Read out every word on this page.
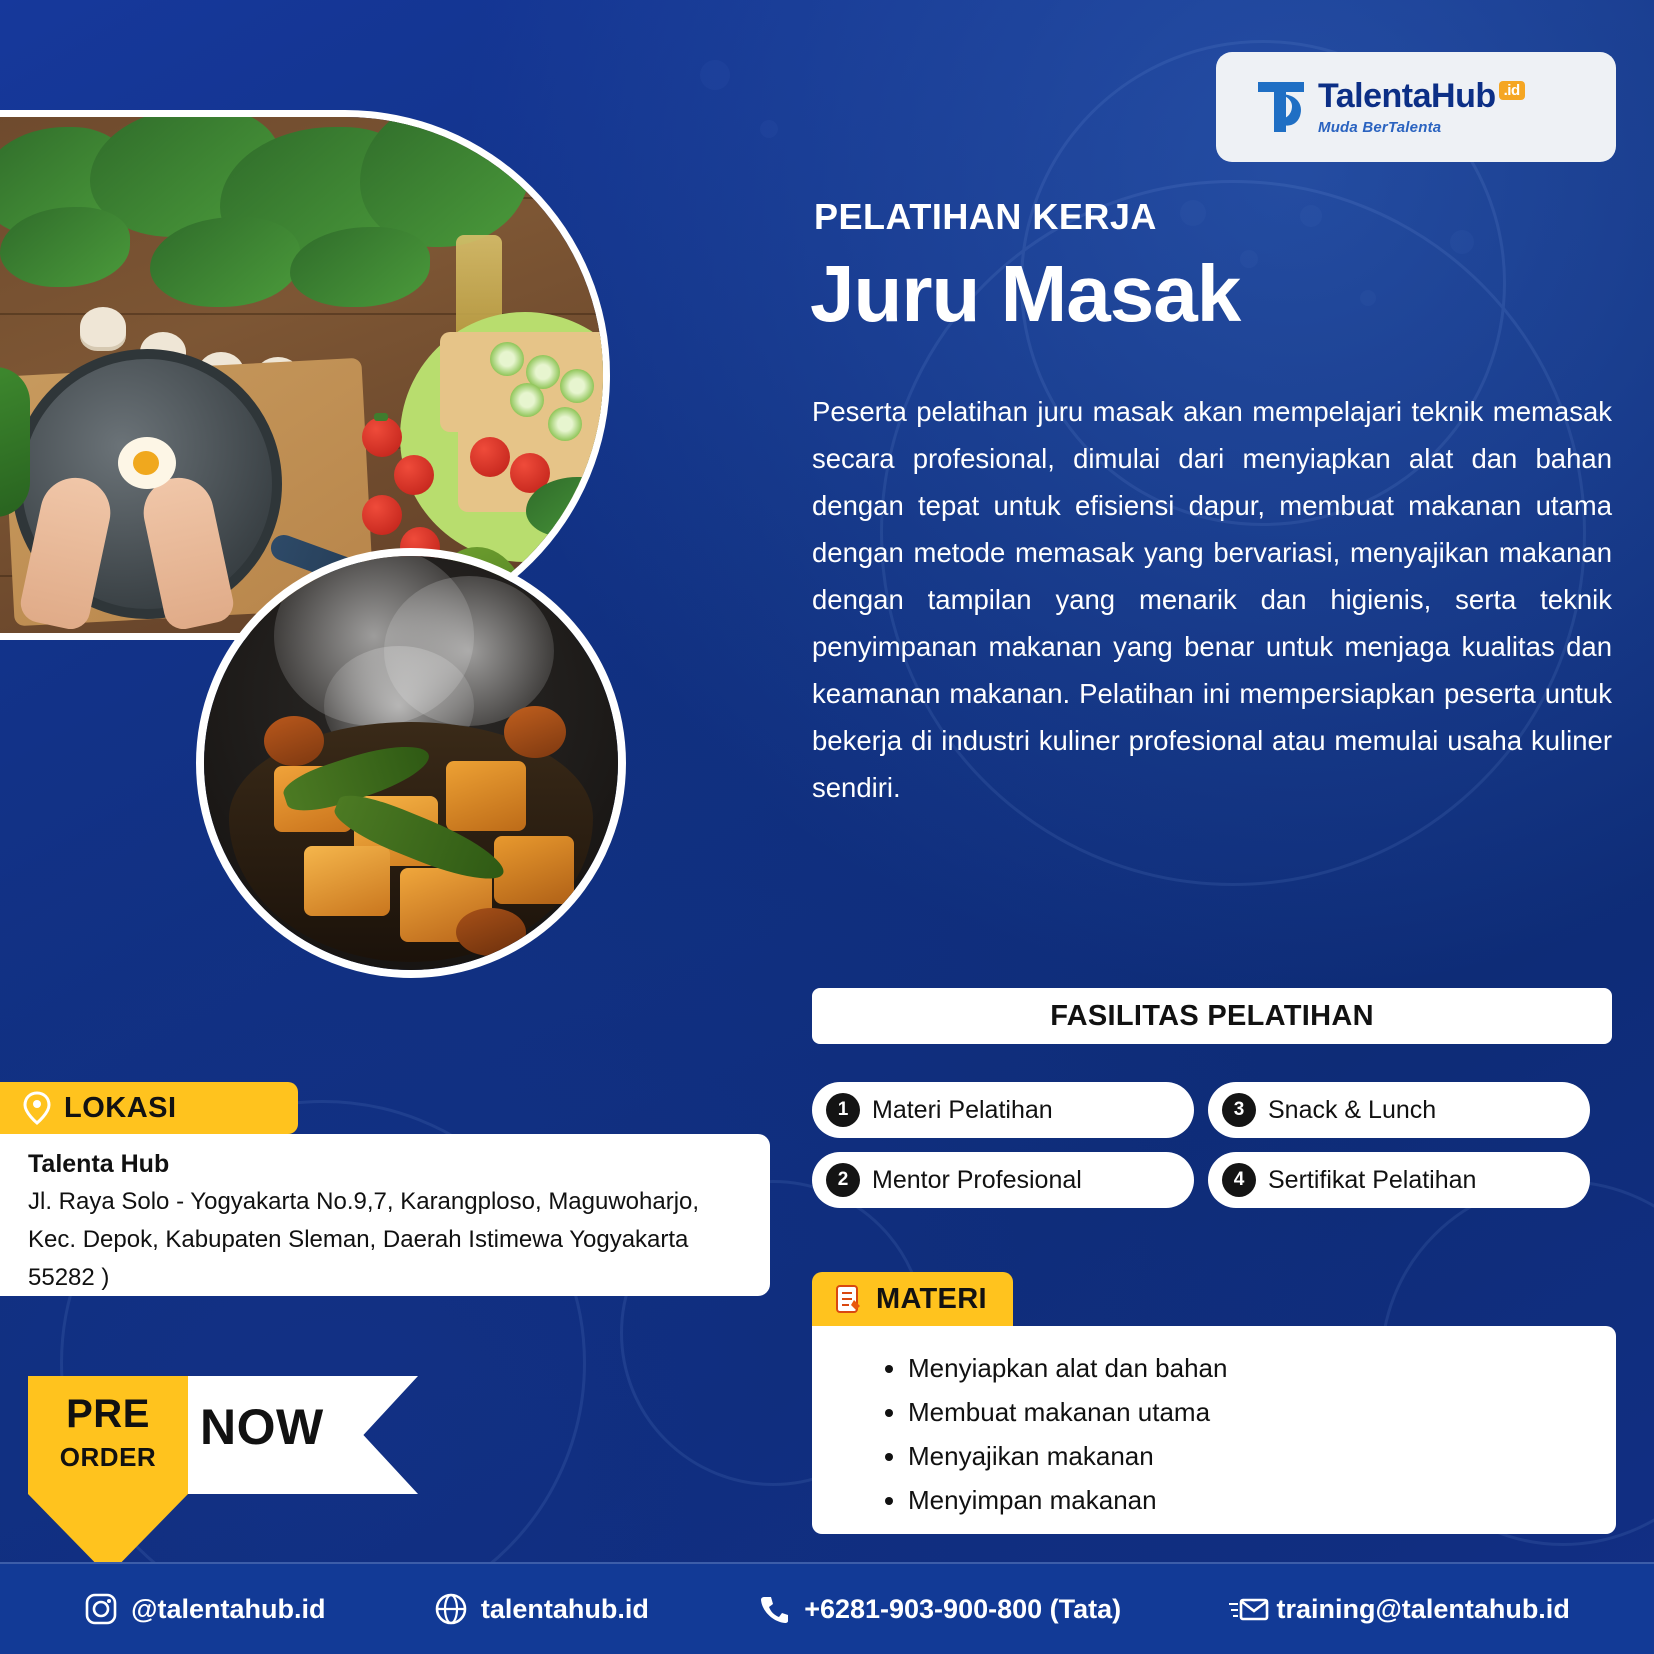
Talenta Hub .id
Muda BerTalenta
PELATIHAN KERJA
Juru Masak
Peserta pelatihan juru masak akan mempelajari teknik memasak secara profesional, dimulai dari menyiapkan alat dan bahan dengan tepat untuk efisiensi dapur, membuat makanan utama dengan metode memasak yang bervariasi, menyajikan makanan dengan tampilan yang menarik dan higienis, serta teknik penyimpanan makanan yang benar untuk menjaga kualitas dan keamanan makanan. Pelatihan ini mempersiapkan peserta untuk bekerja di industri kuliner profesional atau memulai usaha kuliner sendiri.
FASILITAS PELATIHAN
1 Materi Pelatihan	3 Snack & Lunch
2 Mentor Profesional	4 Sertifikat Pelatihan
MATERI
• Menyiapkan alat dan bahan
• Membuat makanan utama
• Menyajikan makanan
• Menyimpan makanan
LOKASI
Talenta Hub
Jl. Raya Solo - Yogyakarta No.9,7, Karangploso, Maguwoharjo, Kec. Depok, Kabupaten Sleman, Daerah Istimewa Yogyakarta 55282 )
PRE
ORDER
NOW
@talentahub.id	talentahub.id	+6281-903-900-800 (Tata)	training@talentahub.id
